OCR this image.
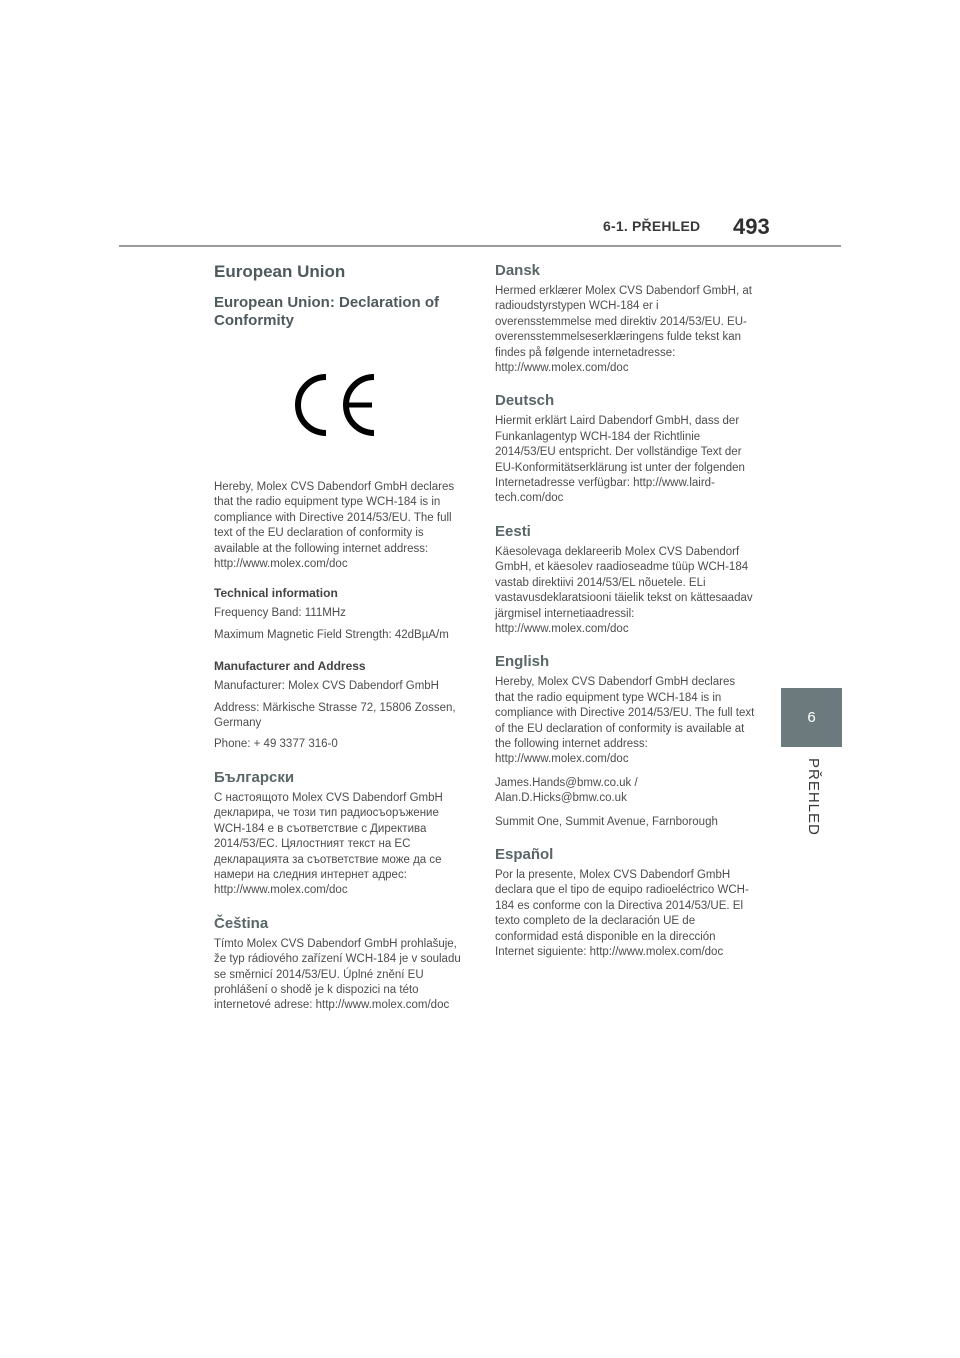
6-1. PŘEHLED 493
6
PŘEHLED
European Union
European Union: Declaration of Conformity

Hereby, Molex CVS Dabendorf GmbH declares that the radio equipment type WCH-184 is in compliance with Directive 2014/53/EU. The full text of the EU declaration of conformity is available at the following internet address: http://www.molex.com/doc

Technical information

Frequency Band: 111MHz

Maximum Magnetic Field Strength: 42dBµA/m

Manufacturer and Address

Manufacturer: Molex CVS Dabendorf GmbH

Address: Märkische Strasse 72, 15806 Zossen, Germany

Phone: + 49 3377 316-0

Български

С настоящото Molex CVS Dabendorf GmbH декларира, че този тип радиосъоръжение WCH-184 е в съответствие с Директива 2014/53/ЕС. Цялостният текст на ЕС декларацията за съответствие може да се намери на следния интернет адрес: http://www.molex.com/doc

Čeština

Tímto Molex CVS Dabendorf GmbH prohlašuje, že typ rádiového zařízení WCH-184 je v souladu se směrnicí 2014/53/EU. Úplné znění EU prohlášení o shodě je k dispozici na této internetové adrese: http://www.molex.com/doc

Dansk

Hermed erklærer Molex CVS Dabendorf GmbH, at radioudstyrstypen WCH-184 er i overensstemmelse med direktiv 2014/53/EU. EU-overensstemmelseserklæringens fulde tekst kan findes på følgende internetadresse: http://www.molex.com/doc

Deutsch

Hiermit erklärt Laird Dabendorf GmbH, dass der Funkanlagentyp WCH-184 der Richtlinie 2014/53/EU entspricht. Der vollständige Text der EU-Konformitätserklärung ist unter der folgenden Internetadresse verfügbar: http://www.laird-tech.com/doc

Eesti

Käesolevaga deklareerib Molex CVS Dabendorf GmbH, et käesolev raadioseadme tüüp WCH-184 vastab direktiivi 2014/53/EL nõuetele. ELi vastavusdeklaratsiooni täielik tekst on kättesaadav järgmisel internetiaadressil: http://www.molex.com/doc

English

Hereby, Molex CVS Dabendorf GmbH declares that the radio equipment type WCH-184 is in compliance with Directive 2014/53/EU. The full text of the EU declaration of conformity is available at the following internet address: http://www.molex.com/doc

James.Hands@bmw.co.uk / Alan.D.Hicks@bmw.co.uk

Summit One, Summit Avenue, Farnborough

Español

Por la presente, Molex CVS Dabendorf GmbH declara que el tipo de equipo radioeléctrico WCH-184 es conforme con la Directiva 2014/53/UE. El texto completo de la declaración UE de conformidad está disponible en la dirección Internet siguiente: http://www.molex.com/doc
